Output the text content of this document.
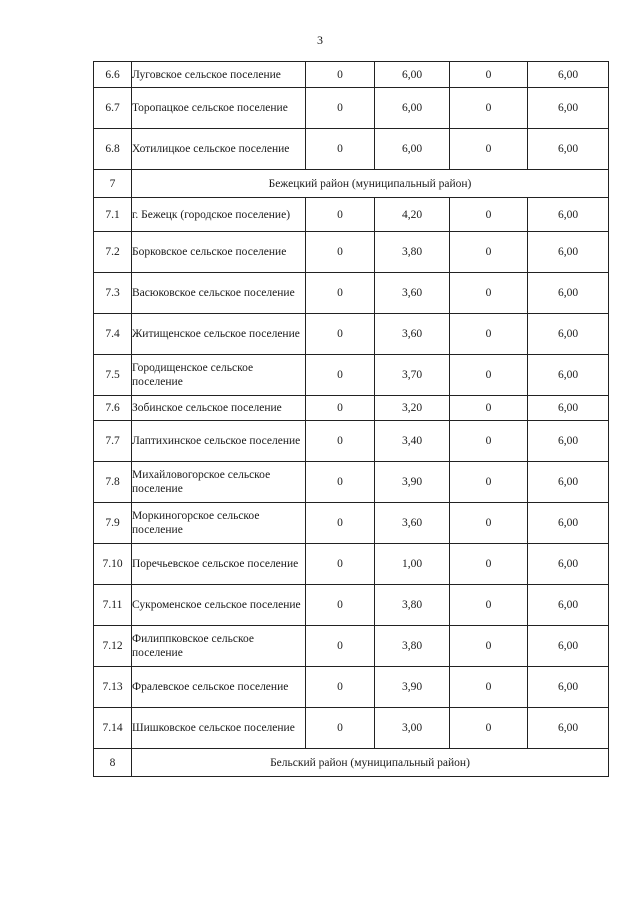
3
6.6	Луговское сельское поселение	0	6,00	0	6,00
6.7	Торопацкое сельское поселение	0	6,00	0	6,00
6.8	Хотилицкое сельское поселение	0	6,00	0	6,00
7	Бежецкий район (муниципальный район)				
7.1	г. Бежецк (городское поселение)	0	4,20	0	6,00
7.2	Борковское сельское поселение	0	3,80	0	6,00
7.3	Васюковское сельское поселение	0	3,60	0	6,00
7.4	Житищенское сельское поселение	0	3,60	0	6,00
7.5	Городищенское сельское поселение	0	3,70	0	6,00
7.6	Зобинское сельское поселение	0	3,20	0	6,00
7.7	Лаптихинское сельское поселение	0	3,40	0	6,00
7.8	Михайловогорское сельское поселение	0	3,90	0	6,00
7.9	Моркиногорское сельское поселение	0	3,60	0	6,00
7.10	Поречьевское сельское поселение	0	1,00	0	6,00
7.11	Сукроменское сельское поселение	0	3,80	0	6,00
7.12	Филиппковское сельское поселение	0	3,80	0	6,00
7.13	Фралевское сельское поселение	0	3,90	0	6,00
7.14	Шишковское сельское поселение	0	3,00	0	6,00
8	Бельский район (муниципальный район)				
